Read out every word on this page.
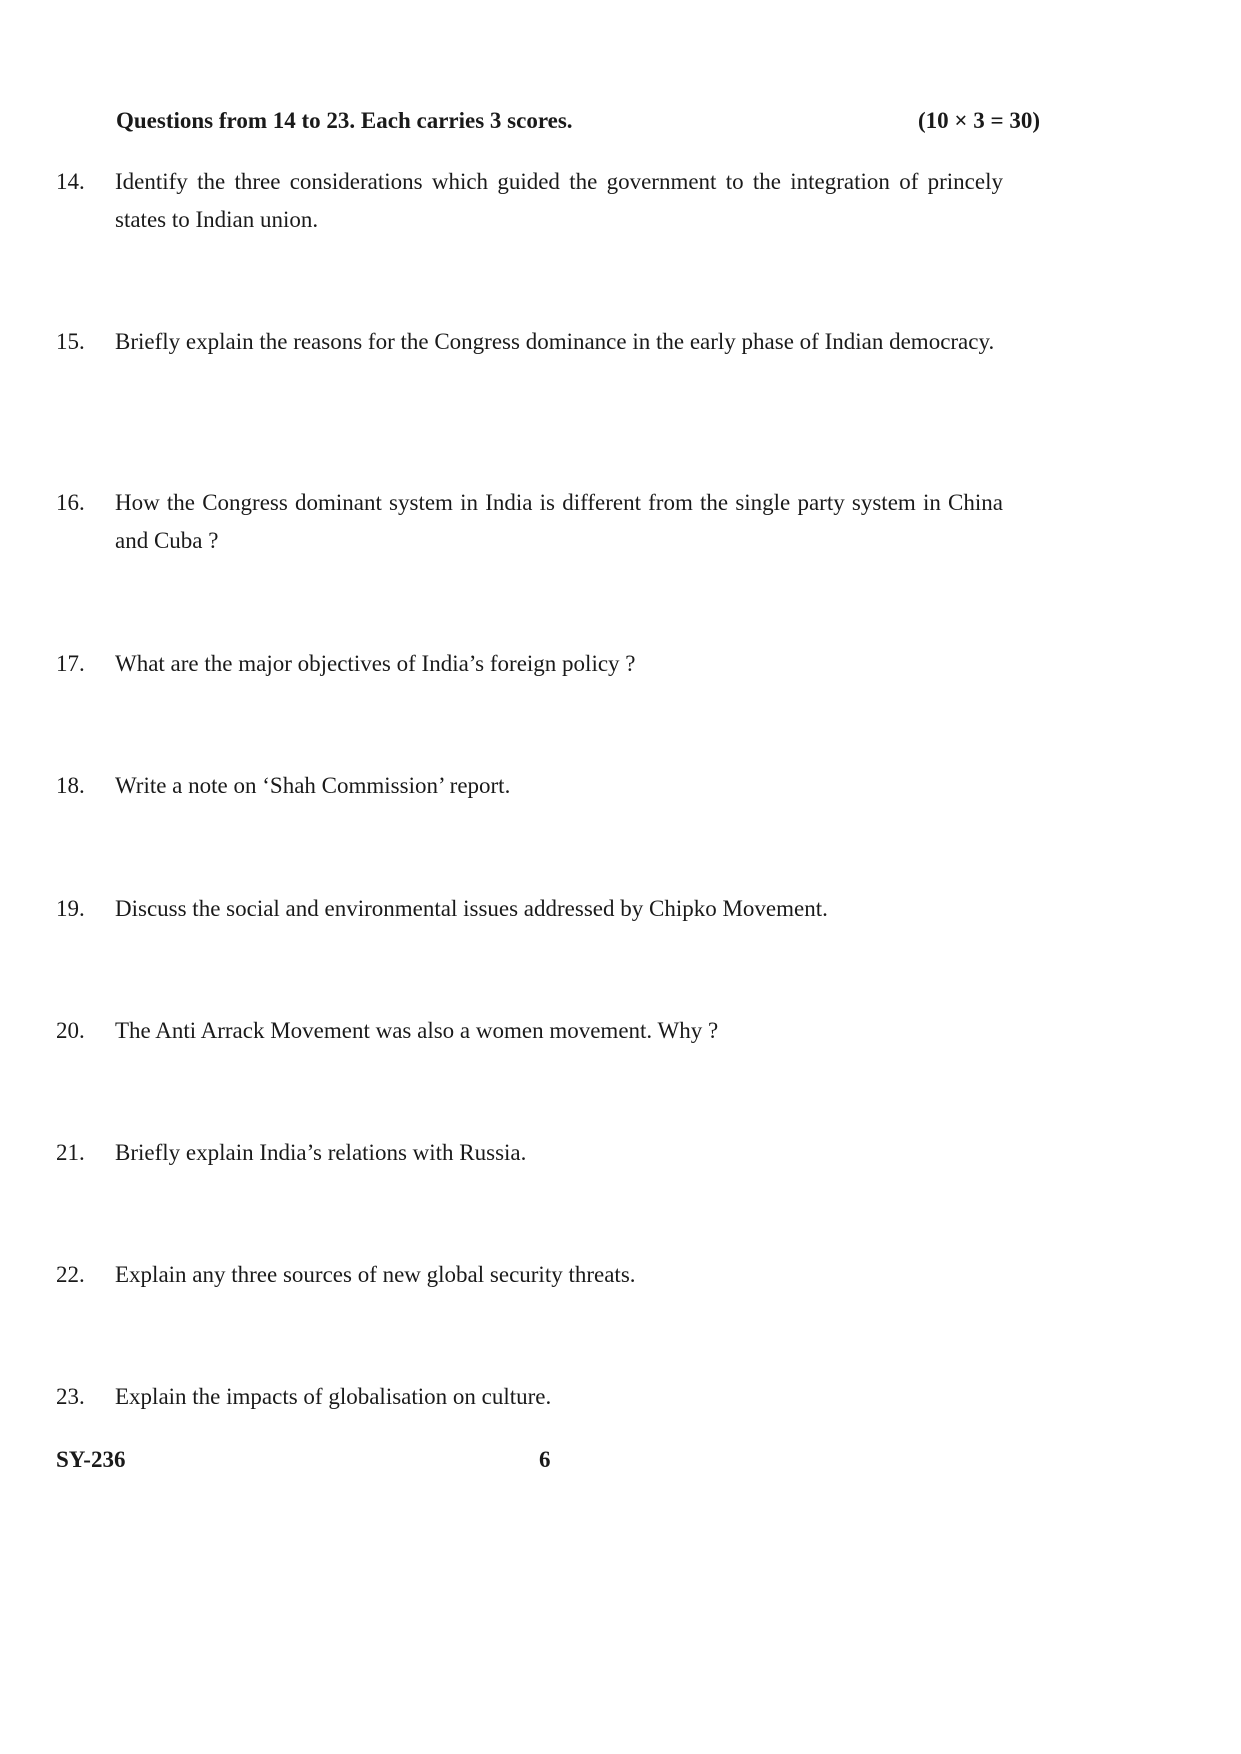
Questions from 14 to 23. Each carries 3 scores.	(10 × 3 = 30)
14.	Identify the three considerations which guided the government to the integration of princely states to Indian union.
15.	Briefly explain the reasons for the Congress dominance in the early phase of Indian democracy.
16.	How the Congress dominant system in India is different from the single party system in China and Cuba ?
17.	What are the major objectives of India’s foreign policy ?
18.	Write a note on ‘Shah Commission’ report.
19.	Discuss the social and environmental issues addressed by Chipko Movement.
20.	The Anti Arrack Movement was also a women movement. Why ?
21.	Briefly explain India’s relations with Russia.
22.	Explain any three sources of new global security threats.
23.	Explain the impacts of globalisation on culture.
SY-236	6
